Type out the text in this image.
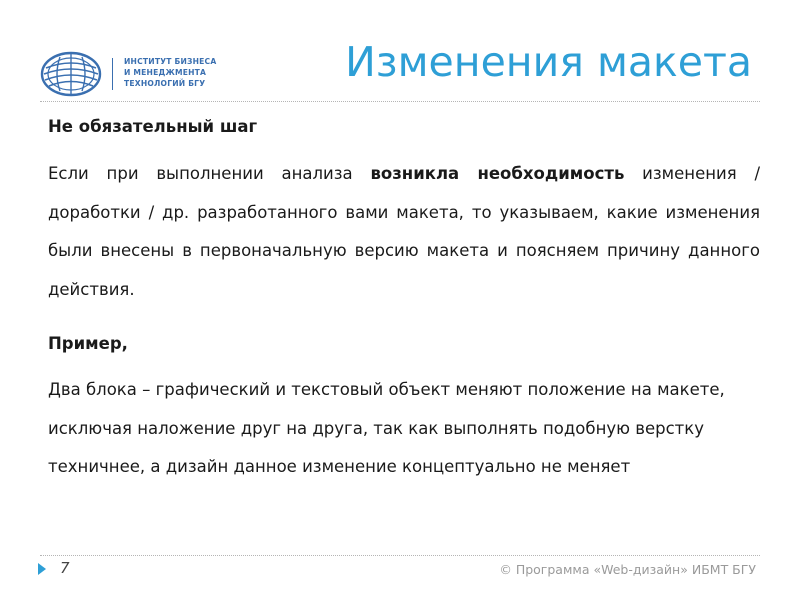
ИНСТИТУТ БИЗНЕСА
И МЕНЕДЖМЕНТА
ТЕХНОЛОГИЙ БГУ	Изменения макета

Не обязательный шаг

Если при выполнении анализа возникла необходимость изменения / доработки / др. разработанного вами макета, то указываем, какие изменения были внесены в первоначальную версию макета и поясняем причину данного действия.

Пример,

Два блока – графический и текстовый объект меняют положение на макете, исключая наложение друг на друга, так как выполнять подобную верстку техничнее, а дизайн данное изменение концептуально не меняет

7	© Программа «Web-дизайн» ИБМТ БГУ
